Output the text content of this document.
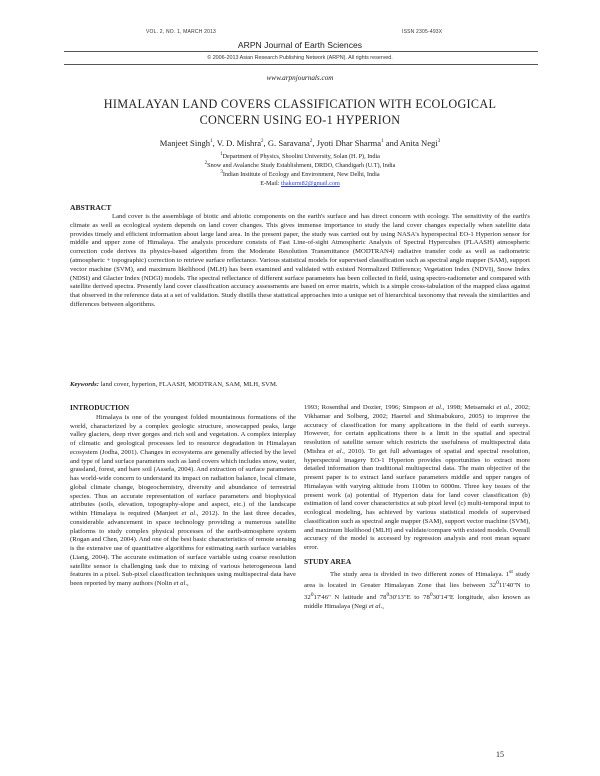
VOL. 2, NO. 1, MARCH 2013	ISSN 2305-493X
ARPN Journal of Earth Sciences
© 2006-2013 Asian Research Publishing Network (ARPN). All rights reserved.
www.arpnjournals.com
HIMALAYAN LAND COVERS CLASSIFICATION WITH ECOLOGICAL
CONCERN USING EO-1 HYPERION
Manjeet Singh$^1$, V. D. Mishra$^2$, G. Saravana$^2$, Jyoti Dhar Sharma$^1$ and Anita Negi$^3$
$^1$Department of Physics, Shoolini University, Solan (H. P), India
$^2$Snow and Avalanche Study Establishment, DRDO, Chandigarh (U.T), India
$^3$Indian Institute of Ecology and Environment, New Delhi, India
E-Mail: thakurm82@gmail.com
ABSTRACT

Land cover is the assemblage of biotic and abiotic components on the earth's surface and has direct concern with ecology. The sensitivity of the earth's climate as well as ecological system depends on land cover changes. This gives immense importance to study the land cover changes especially when satellite data provides timely and efficient information about large land area. In the present paper, the study was carried out by using NASA's hyperspectral EO-1 Hyperion sensor for middle and upper zone of Himalaya. The analysis procedure consists of Fast Line-of-sight Atmospheric Analysis of Spectral Hypercubes (FLAASH) atmospheric correction code derives its physics-based algorithm from the Moderate Resolution Transmittance (MODTRAN4) radiative transfer code as well as radiometric (atmospheric + topographic) correction to retrieve surface reflectance. Various statistical models for supervised classification such as spectral angle mapper (SAM), support vector machine (SVM), and maximum likelihood (MLH) has been examined and validated with existed Normalized Difference; Vegetation Index (NDVI), Snow Index (NDSI) and Glacier Index (NDGI) models. The spectral reflectance of different surface parameters has been collected in field, using spectro-radiometer and compared with satellite derived spectra. Presently land cover classification accuracy assessments are based on error matrix, which is a simple cross-tabulation of the mapped class against that observed in the reference data at a set of validation. Study distills these statistical approaches into a unique set of hierarchical taxonomy that reveals the similarities and differences between algorithms.

Keywords: land cover, hyperion, FLAASH, MODTRAN, SAM, MLH, SVM.
INTRODUCTION

Himalaya is one of the youngest folded mountainous formations of the world, characterized by a complex geologic structure, snowcapped peaks, large valley glaciers, deep river gorges and rich soil and vegetation. A complex interplay of climatic and geological processes led to resource degradation in Himalayan ecosystem (Jodha, 2001). Changes in ecosystems are generally affected by the level and type of land surface parameters such as land covers which includes snow, water, grassland, forest, and bare soil (Assefa, 2004). And extraction of surface parameters has world-wide concern to understand its impact on radiation balance, local climate, global climate change, biogeochemistry, diversity and abundance of terrestrial species. Thus an accurate representation of surface parameters and biophysical attributes (soils, elevation, topography-slope and aspect, etc.) of the landscape within Himalaya is required (Manjeet et al., 2012). In the last three decades, considerable advancement in space technology providing a numerous satellite platforms to study complex physical processes of the earth-atmosphere system (Rogan and Chen, 2004). And one of the best basic characteristics of remote sensing is the extensive use of quantitative algorithms for estimating earth surface variables (Liang, 2004). The accurate estimation of surface variable using coarse resolution satellite sensor is challenging task due to mixing of various heterogeneous land features in a pixel. Sub-pixel classification techniques using multispectral data have been reported by many authors (Nolin et al.,

1993; Rosenthal and Dozier, 1996; Simpson et al., 1998; Metsamaki et al., 2002; Vikhamar and Solberg, 2002; Haertel and Shimabukuro, 2005) to improve the accuracy of classification for many applications in the field of earth surveys. However, for certain applications there is a limit in the spatial and spectral resolution of satellite sensor which restricts the usefulness of multispectral data (Mishra et al., 2010). To get full advantages of spatial and spectral resolution, hyperspectral imagery EO-1 Hyperion provides opportunities to extract more detailed information than traditional multispectral data. The main objective of the present paper is to extract land surface parameters middle and upper ranges of Himalayas with varying altitude from 1100m to 6000m. Three key issues of the present work (a) potential of Hyperion data for land cover classification (b) estimation of land cover characteristics at sub pixel level (c) multi-temporal input to ecological modeling, has achieved by various statistical models of supervised classification such as spectral angle mapper (SAM), support vector machine (SVM), and maximum likelihood (MLH) and validate/compare with existed models. Overall accuracy of the model is accessed by regression analysis and root mean square error.

STUDY AREA

The study area is divided in two different zones of Himalaya. 1st study area is located in Greater Himalayan Zone that lies between $32^011'40"N$ to $32^017'46$" N latitude and $78^030'13"E$ to $78^030'14"E$ longitude, also known as middle Himalaya (Negi et al.,

15
